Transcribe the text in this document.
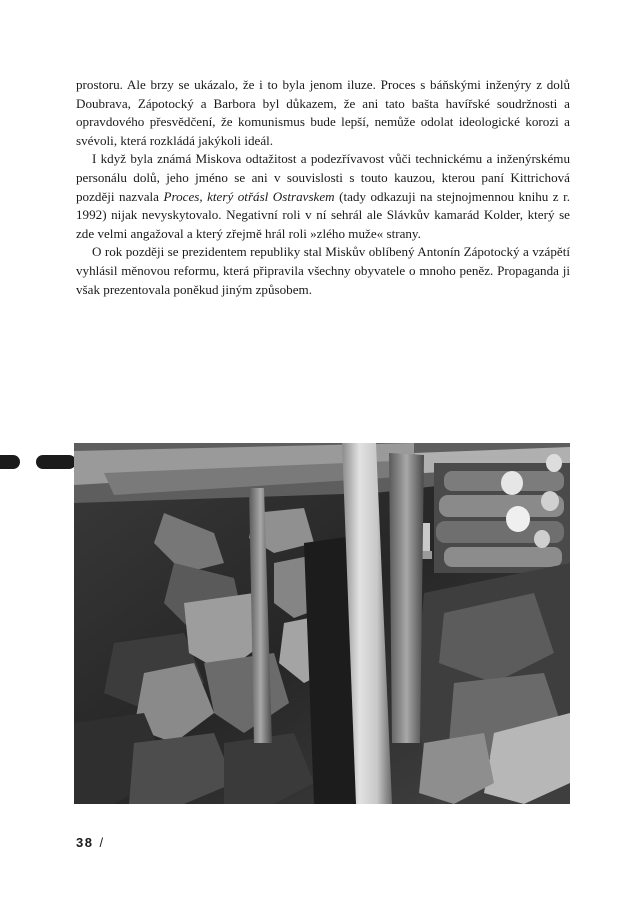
prostoru. Ale brzy se ukázalo, že i to byla jenom iluze. Proces s báňskými inženýry z dolů Doubrava, Zápotocký a Barbora byl důkazem, že ani tato bašta havířské soudržnosti a opravdového přesvědčení, že komunismus bude lepší, nemůže odolat ideologické korozi a svévoli, která rozkládá jakýkoli ideál.

I když byla známá Miskova odtažitost a podezřívavost vůči technickému a inženýrskému personálu dolů, jeho jméno se ani v souvislosti s touto kauzou, kterou paní Kittrichová později nazvala Proces, který otřásl Ostravskem (tady odkazuji na stejnojmennou knihu z r. 1992) nijak nevyskytovalo. Negativní roli v ní sehrál ale Slávkův kamarád Kolder, který se zde velmi angažoval a který zřejmě hrál roli »zlého muže« strany.

O rok později se prezidentem republiky stal Miskův oblíbený Antonín Zápotocký a vzápětí vyhlásil měnovou reformu, která připravila všechny obyvatele o mnoho peněz. Propaganda ji však prezentovala poněkud jiným způsobem.

38 /
